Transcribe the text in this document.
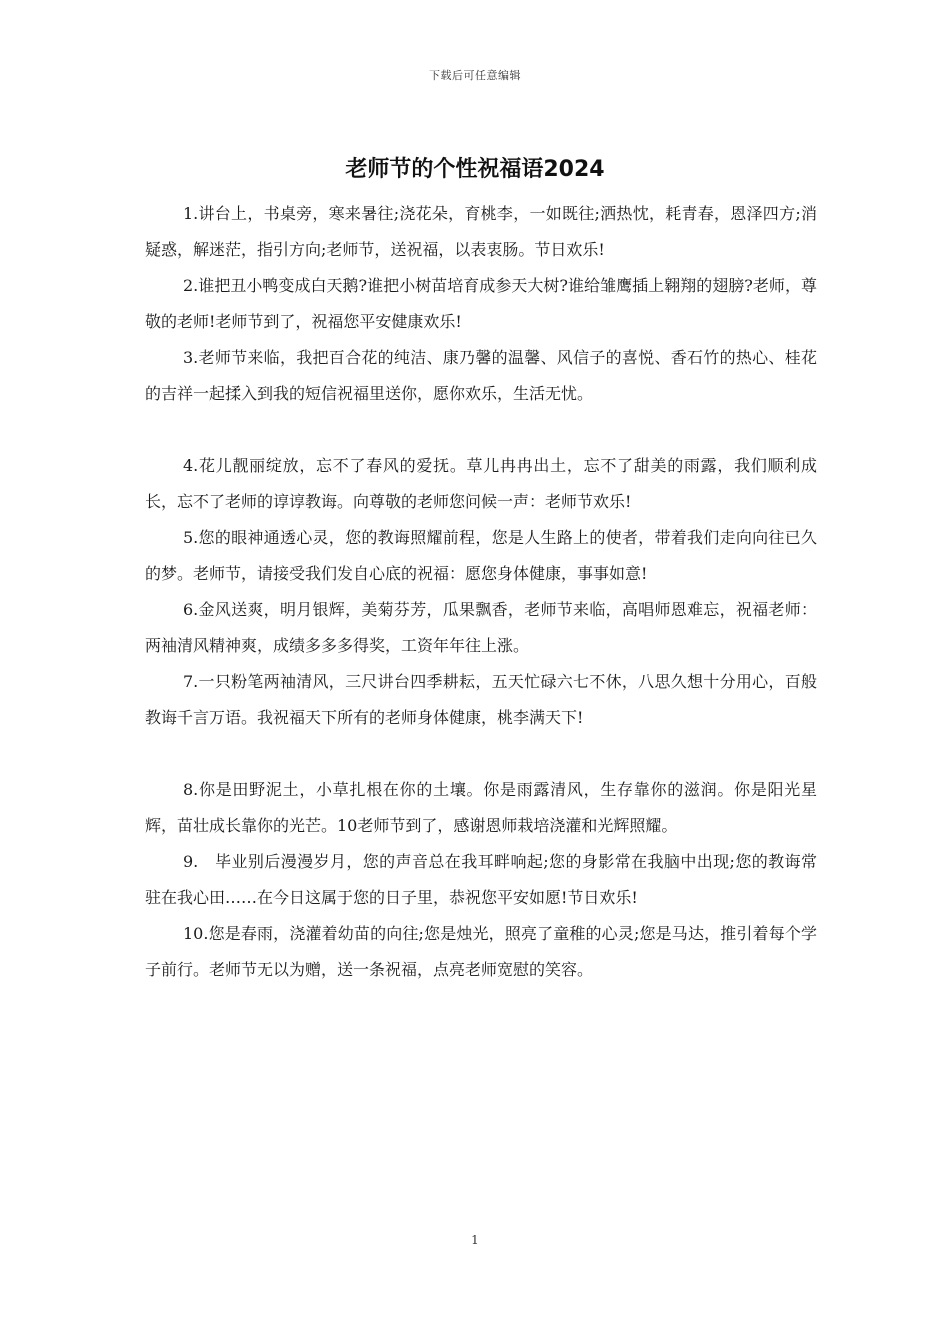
下载后可任意编辑
老师节的个性祝福语2024

1.讲台上，书桌旁，寒来暑往;浇花朵，育桃李，一如既往;洒热忱，耗青春，恩泽四方;消疑惑，解迷茫，指引方向;老师节，送祝福，以表衷肠。节日欢乐!

2.谁把丑小鸭变成白天鹅?谁把小树苗培育成参天大树?谁给雏鹰插上翱翔的翅膀?老师，尊敬的老师!老师节到了，祝福您平安健康欢乐!

3.老师节来临，我把百合花的纯洁、康乃馨的温馨、风信子的喜悦、香石竹的热心、桂花的吉祥一起揉入到我的短信祝福里送你，愿你欢乐，生活无忧。

4.花儿靓丽绽放，忘不了春风的爱抚。草儿冉冉出土，忘不了甜美的雨露，我们顺利成长，忘不了老师的谆谆教诲。向尊敬的老师您问候一声：老师节欢乐!

5.您的眼神通透心灵，您的教诲照耀前程，您是人生路上的使者，带着我们走向向往已久的梦。老师节，请接受我们发自心底的祝福：愿您身体健康，事事如意!

6.金风送爽，明月银辉，美菊芬芳，瓜果飘香，老师节来临，高唱师恩难忘，祝福老师：两袖清风精神爽，成绩多多多得奖，工资年年往上涨。

7.一只粉笔两袖清风，三尺讲台四季耕耘，五天忙碌六七不休，八思久想十分用心，百般教诲千言万语。我祝福天下所有的老师身体健康，桃李满天下!

8.你是田野泥土，小草扎根在你的土壤。你是雨露清风，生存靠你的滋润。你是阳光星辉，苗壮成长靠你的光芒。10老师节到了，感谢恩师栽培浇灌和光辉照耀。

9.　毕业别后漫漫岁月，您的声音总在我耳畔响起;您的身影常在我脑中出现;您的教诲常驻在我心田……在今日这属于您的日子里，恭祝您平安如愿!节日欢乐!

10.您是春雨，浇灌着幼苗的向往;您是烛光，照亮了童稚的心灵;您是马达，推引着每个学子前行。老师节无以为赠，送一条祝福，点亮老师宽慰的笑容。

1
